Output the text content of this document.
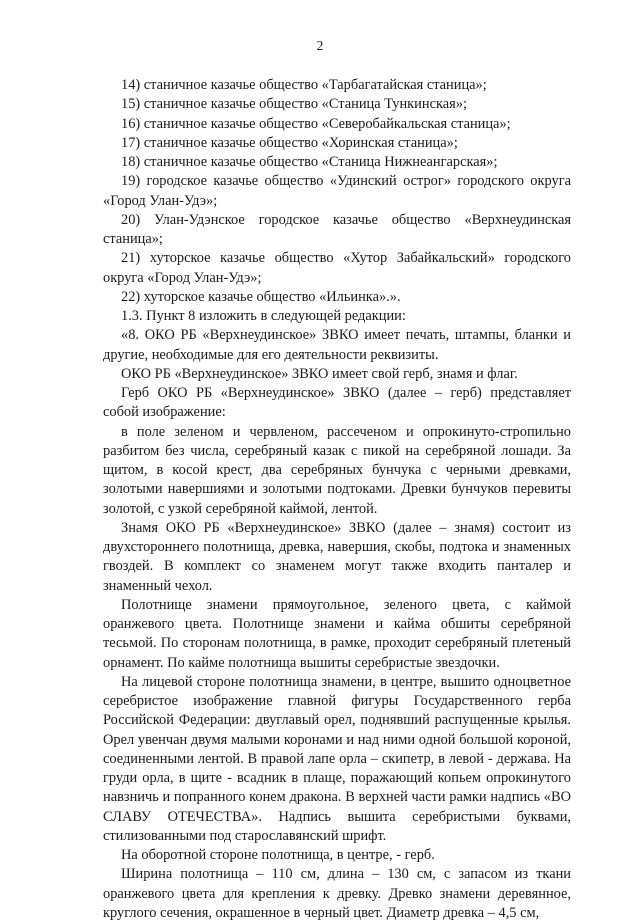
2

14) станичное казачье общество «Тарбагатайская станица»;

15) станичное казачье общество «Станица Тункинская»;

16) станичное казачье общество «Северобайкальская станица»;

17) станичное казачье общество «Хоринская станица»;

18) станичное казачье общество «Станица Нижнеангарская»;

19) городское казачье общество «Удинский острог» городского округа «Город Улан-Удэ»;

20) Улан-Удэнское городское казачье общество «Верхнеудинская станица»;

21) хуторское казачье общество «Хутор Забайкальский» городского округа «Город Улан-Удэ»;

22) хуторское казачье общество «Ильинка».».

1.3. Пункт 8 изложить в следующей редакции:

«8. ОКО РБ «Верхнеудинское» ЗВКО имеет печать, штампы, бланки и другие, необходимые для его деятельности реквизиты.

ОКО РБ «Верхнеудинское» ЗВКО имеет свой герб, знамя и флаг.

Герб ОКО РБ «Верхнеудинское» ЗВКО (далее – герб) представляет собой изображение:

в поле зеленом и червленом, рассеченом и опрокинуто-стропильно разбитом без числа, серебряный казак с пикой на серебряной лошади. За щитом, в косой крест, два серебряных бунчука с черными древками, золотыми навершиями и золотыми подтоками. Древки бунчуков перевиты золотой, с узкой серебряной каймой, лентой.

Знамя ОКО РБ «Верхнеудинское» ЗВКО (далее – знамя) состоит из двухстороннего полотнища, древка, навершия, скобы, подтока и знаменных гвоздей. В комплект со знаменем могут также входить панталер и знаменный чехол.

Полотнище знамени прямоугольное, зеленого цвета, с каймой оранжевого цвета. Полотнище знамени и кайма обшиты серебряной тесьмой. По сторонам полотнища, в рамке, проходит серебряный плетеный орнамент. По кайме полотнища вышиты серебристые звездочки.

На лицевой стороне полотнища знамени, в центре, вышито одноцветное серебристое изображение главной фигуры Государственного герба Российской Федерации: двуглавый орел, поднявший распущенные крылья. Орел увенчан двумя малыми коронами и над ними одной большой короной, соединенными лентой. В правой лапе орла – скипетр, в левой - держава. На груди орла, в щите - всадник в плаще, поражающий копьем опрокинутого навзничь и попранного конем дракона. В верхней части рамки надпись «ВО СЛАВУ ОТЕЧЕСТВА». Надпись вышита серебристыми буквами, стилизованными под старославянский шрифт.

На оборотной стороне полотнища, в центре, - герб.

Ширина полотнища – 110 см, длина – 130 см, с запасом из ткани оранжевого цвета для крепления к древку. Древко знамени деревянное, круглого сечения, окрашенное в черный цвет. Диаметр древка – 4,5 см,
